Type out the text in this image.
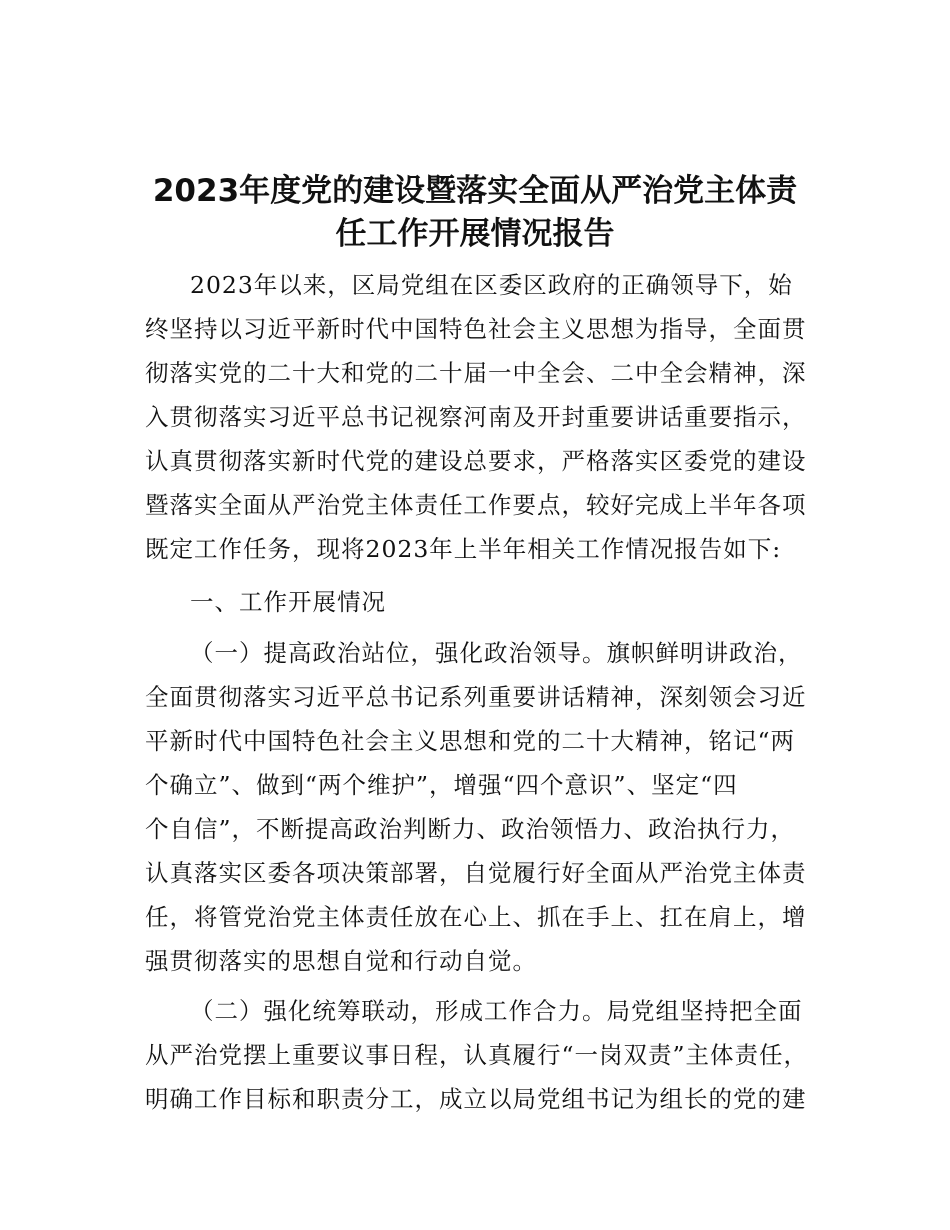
2023年度党的建设暨落实全面从严治党主体责
任工作开展情况报告
2023年以来，区局党组在区委区政府的正确领导下，始
终坚持以习近平新时代中国特色社会主义思想为指导，全面贯
彻落实党的二十大和党的二十届一中全会、二中全会精神，深
入贯彻落实习近平总书记视察河南及开封重要讲话重要指示，
认真贯彻落实新时代党的建设总要求，严格落实区委党的建设
暨落实全面从严治党主体责任工作要点，较好完成上半年各项
既定工作任务，现将2023年上半年相关工作情况报告如下:
一、工作开展情况
（一）提高政治站位，强化政治领导。旗帜鲜明讲政治，
全面贯彻落实习近平总书记系列重要讲话精神，深刻领会习近
平新时代中国特色社会主义思想和党的二十大精神，铭记“两
个确立”、做到“两个维护”，增强“四个意识”、坚定“四
个自信”，不断提高政治判断力、政治领悟力、政治执行力，
认真落实区委各项决策部署，自觉履行好全面从严治党主体责
任，将管党治党主体责任放在心上、抓在手上、扛在肩上，增
强贯彻落实的思想自觉和行动自觉。
（二）强化统筹联动，形成工作合力。局党组坚持把全面
从严治党摆上重要议事日程，认真履行“一岗双责”主体责任，
明确工作目标和职责分工，成立以局党组书记为组长的党的建
